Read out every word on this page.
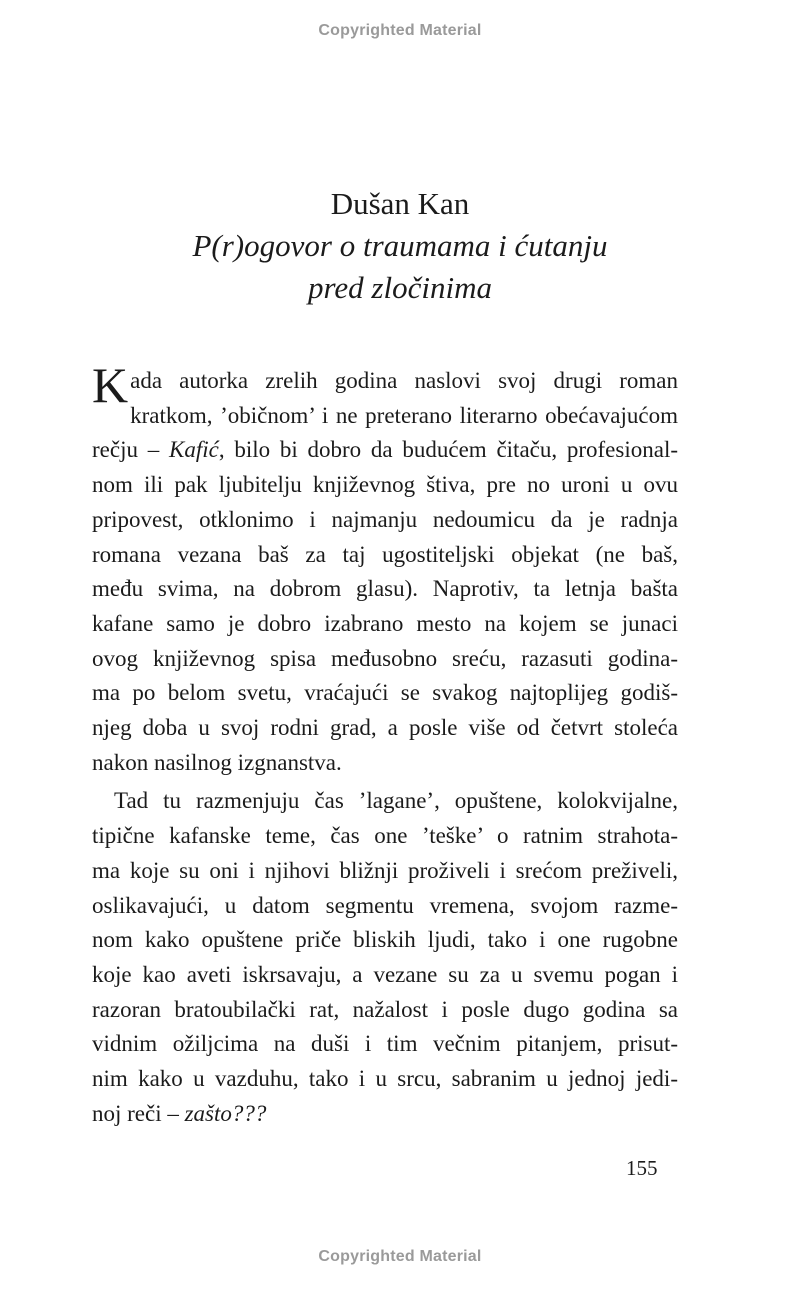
Copyrighted Material
Dušan Kan
P(r)ogovor o traumama i ćutanju
pred zločinima

K ada autorka zrelih godina naslovi svoj drugi roman
kratkom, ’običnom’ i ne preterano literarno obećavajućom
rečju – Kafić, bilo bi dobro da budućem čitaču, profesional-
nom ili pak ljubitelju književnog štiva, pre no uroni u ovu
pripovest, otklonimo i najmanju nedoumicu da je radnja
romana vezana baš za taj ugostiteljski objekat (ne baš,
među svima, na dobrom glasu). Naprotiv, ta letnja bašta
kafane samo je dobro izabrano mesto na kojem se junaci
ovog književnog spisa međusobno sreću, razasuti godina-
ma po belom svetu, vraćajući se svakog najtoplijeg godiš-
njeg doba u svoj rodni grad, a posle više od četvrt stoleća
nakon nasilnog izgnanstva.

Tad tu razmenjuju čas ’lagane’, opuštene, kolokvijalne,
tipične kafanske teme, čas one ’teške’ o ratnim strahota-
ma koje su oni i njihovi bližnji proživeli i srećom preživeli,
oslikavajući, u datom segmentu vremena, svojom razme-
nom kako opuštene priče bliskih ljudi, tako i one rugobne
koje kao aveti iskrsavaju, a vezane su za u svemu pogan i
razoran bratoubilački rat, nažalost i posle dugo godina sa
vidnim ožiljcima na duši i tim večnim pitanjem, prisut-
nim kako u vazduhu, tako i u srcu, sabranim u jednoj jedi-
noj reči – zašto???

155
Copyrighted Material
